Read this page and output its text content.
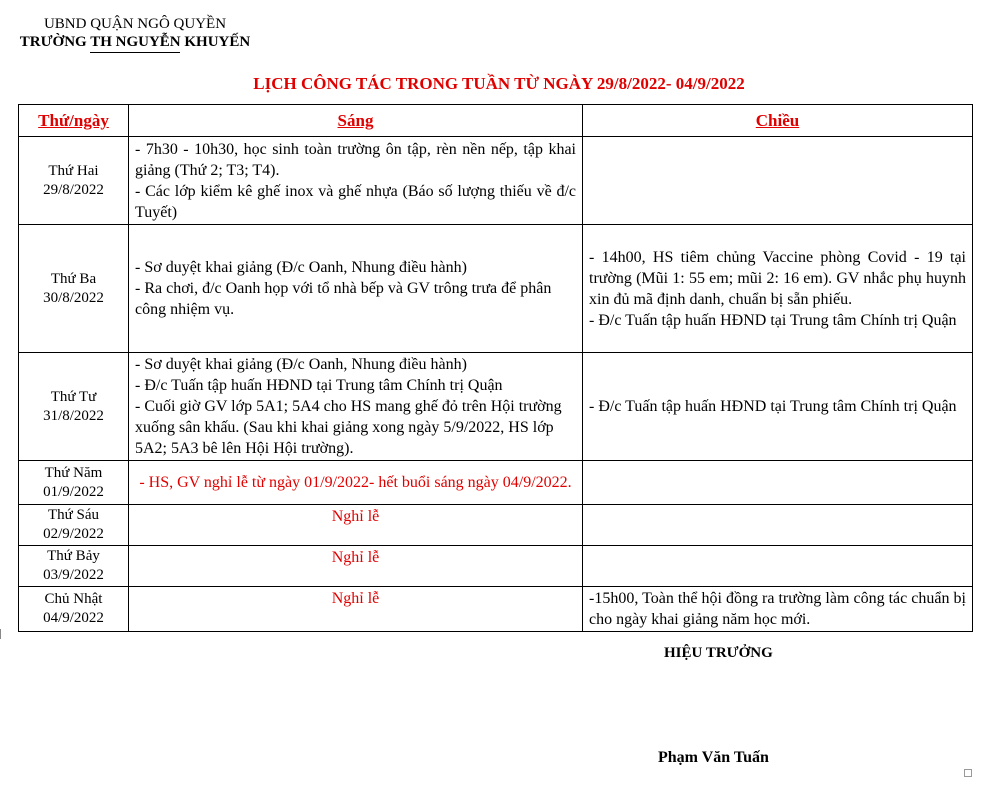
UBND QUẬN NGÔ QUYỀN
TRƯỜNG TH NGUYỄN KHUYẾN
LỊCH CÔNG TÁC TRONG TUẦN TỪ NGÀY 29/8/2022- 04/9/2022
Thứ/ngày	Sáng	Chiều

Thứ Hai
29/8/2022	- 7h30 - 10h30, học sinh toàn trường ôn tập, rèn nền nếp, tập khai giảng (Thứ 2; T3; T4).
- Các lớp kiểm kê ghế inox và ghế nhựa (Báo số lượng thiếu về đ/c Tuyết)	

Thứ Ba
30/8/2022	- Sơ duyệt khai giảng (Đ/c Oanh, Nhung điều hành)
- Ra chơi, đ/c Oanh họp với tổ nhà bếp và GV trông trưa để phân công nhiệm vụ.	- 14h00, HS tiêm chủng Vaccine phòng Covid - 19 tại trường (Mũi 1: 55 em; mũi 2: 16 em). GV nhắc phụ huynh xin đủ mã định danh, chuẩn bị sẵn phiếu.
- Đ/c Tuấn tập huấn HĐND tại Trung tâm Chính trị Quận

Thứ Tư
31/8/2022	- Sơ duyệt khai giảng (Đ/c Oanh, Nhung điều hành)
- Đ/c Tuấn tập huấn HĐND tại Trung tâm Chính trị Quận
- Cuối giờ GV lớp 5A1; 5A4 cho HS mang ghế đỏ trên Hội trường xuống sân khấu. (Sau khi khai giảng xong ngày 5/9/2022, HS lớp 5A2; 5A3 bê lên Hội Hội trường).	- Đ/c Tuấn tập huấn HĐND tại Trung tâm Chính trị Quận

Thứ Năm
01/9/2022	- HS, GV nghỉ lễ từ ngày 01/9/2022- hết buổi sáng ngày 04/9/2022.	

Thứ Sáu
02/9/2022	Nghỉ lễ	

Thứ Bảy
03/9/2022	Nghỉ lễ	

Chủ Nhật
04/9/2022	Nghỉ lễ	-15h00, Toàn thể hội đồng ra trường làm công tác chuẩn bị cho ngày khai giảng năm học mới.
HIỆU TRƯỞNG
Phạm Văn Tuấn
